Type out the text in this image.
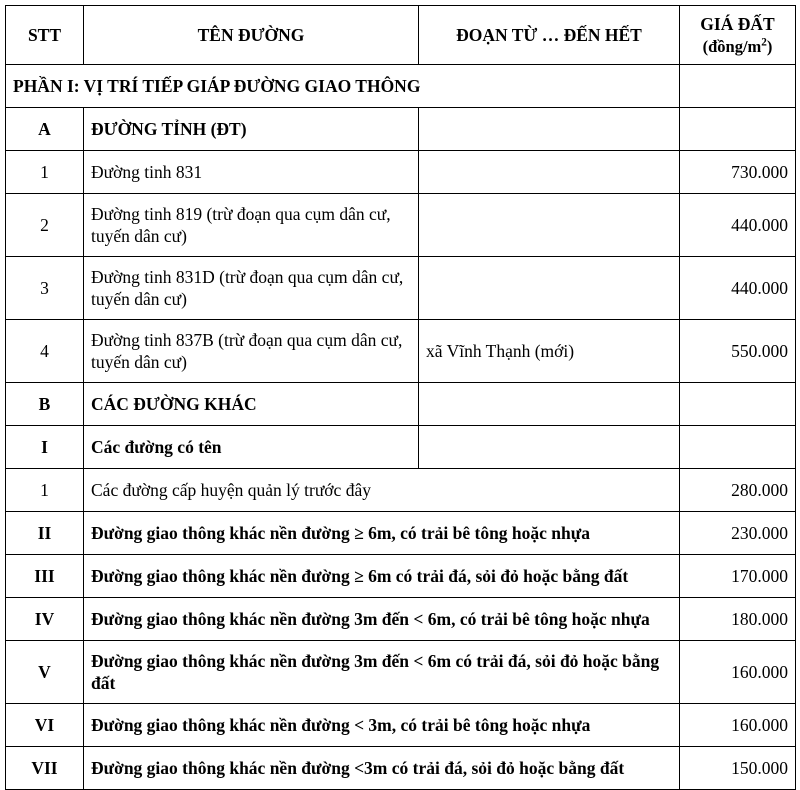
STT	TÊN ĐƯỜNG	ĐOẠN TỪ … ĐẾN HẾT	GIÁ ĐẤT
$(đồng/m^2)$

PHẦN I: VỊ TRÍ TIẾP GIÁP ĐƯỜNG GIAO THÔNG			
A	ĐƯỜNG TỈNH (ĐT)		
1	Đường tinh 831		730.000
2	Đường tinh 819 (trừ đoạn qua cụm dân cư, tuyến dân cư)		440.000
3	Đường tinh 831D (trừ đoạn qua cụm dân cư, tuyến dân cư)		440.000
4	Đường tinh 837B (trừ đoạn qua cụm dân cư, tuyến dân cư)	xã Vĩnh Thạnh (mới)	550.000
B	CÁC ĐƯỜNG KHÁC		
I	Các đường có tên		
1	Các đường cấp huyện quản lý trước đây		280.000
II	Đường giao thông khác nền đường ≥ 6m, có trải bê tông hoặc nhựa		230.000
III	Đường giao thông khác nền đường ≥ 6m có trải đá, sỏi đỏ hoặc bằng đất		170.000
IV	Đường giao thông khác nền đường 3m đến < 6m, có trải bê tông hoặc nhựa		180.000
V	Đường giao thông khác nền đường 3m đến < 6m có trải đá, sỏi đỏ hoặc bằng đất		160.000
VI	Đường giao thông khác nền đường < 3m, có trải bê tông hoặc nhựa		160.000
VII	Đường giao thông khác nền đường <3m có trải đá, sỏi đỏ hoặc bằng đất		150.000
